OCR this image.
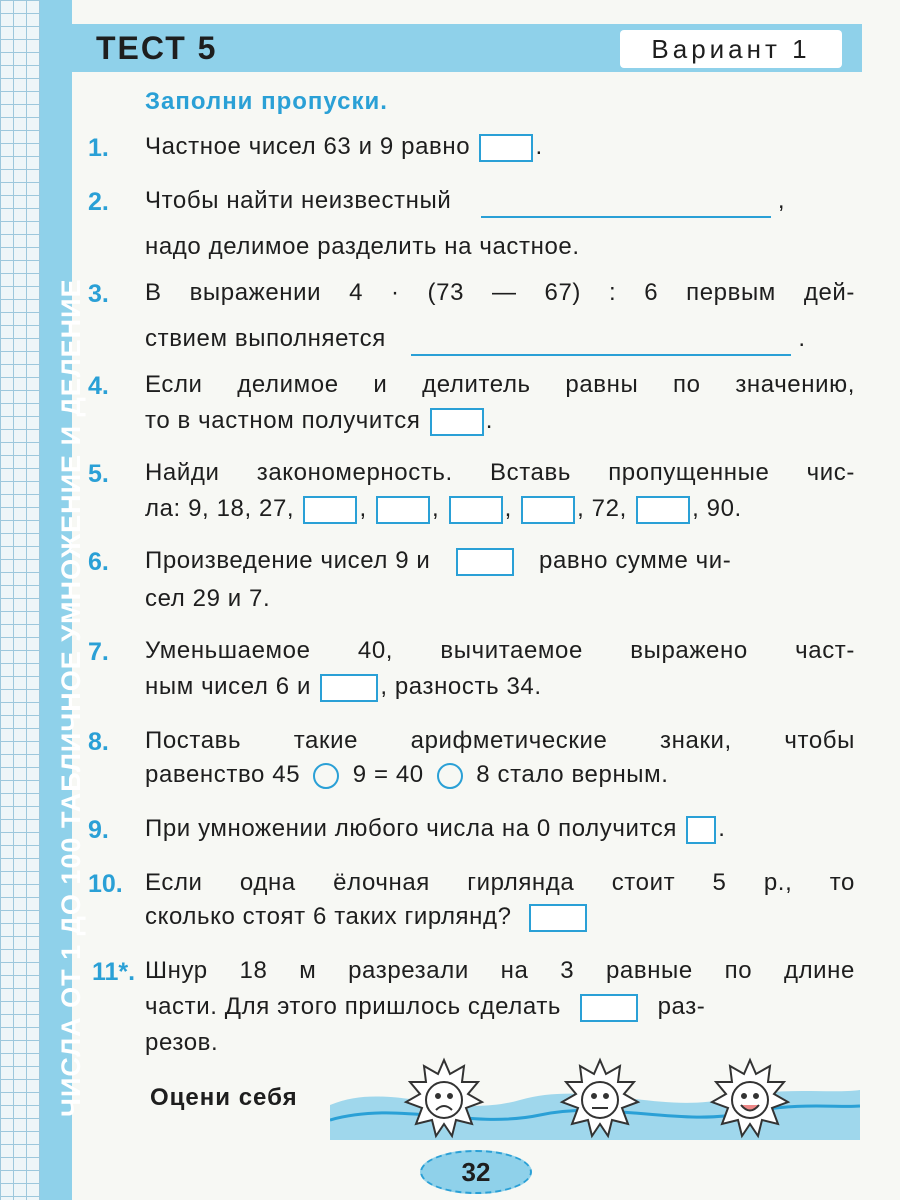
ЧИСЛА ОТ 1 ДО 100 ТАБЛИЧНОЕ УМНОЖЕНИЕ И ДЕЛЕНИЕ
ТЕСТ 5	Вариант 1
Заполни пропуски.
1.	Частное чисел 63 и 9 равно	.
2.	Чтобы найти неизвестный	,
надо делимое разделить на частное.
3.	В выражении 4 · (73 — 67) : 6 первым дей-
ствием выполняется	.
4.	Если делимое и делитель равны по значению,
то в частном получится	.
5.	Найди закономерность. Вставь пропущенные чис-
ла: 9, 18, 27,	,	,	,	, 72,	, 90.
6.	Произведение чисел 9 и	равно сумме чи-
сел 29 и 7.
7.	Уменьшаемое 40, вычитаемое выражено част-
ным чисел 6 и	, разность 34.
8.	Поставь такие арифметические знаки, чтобы
равенство 45 9 = 40 8 стало верным.
9.	При умножении любого числа на 0 получится .
10. Если одна ёлочная гирлянда стоит 5 р., то
сколько стоят 6 таких гирлянд?
11*. Шнур 18 м разрезали на 3 равные по длине
части. Для этого пришлось сделать	раз-
резов.
Оцени себя
32
